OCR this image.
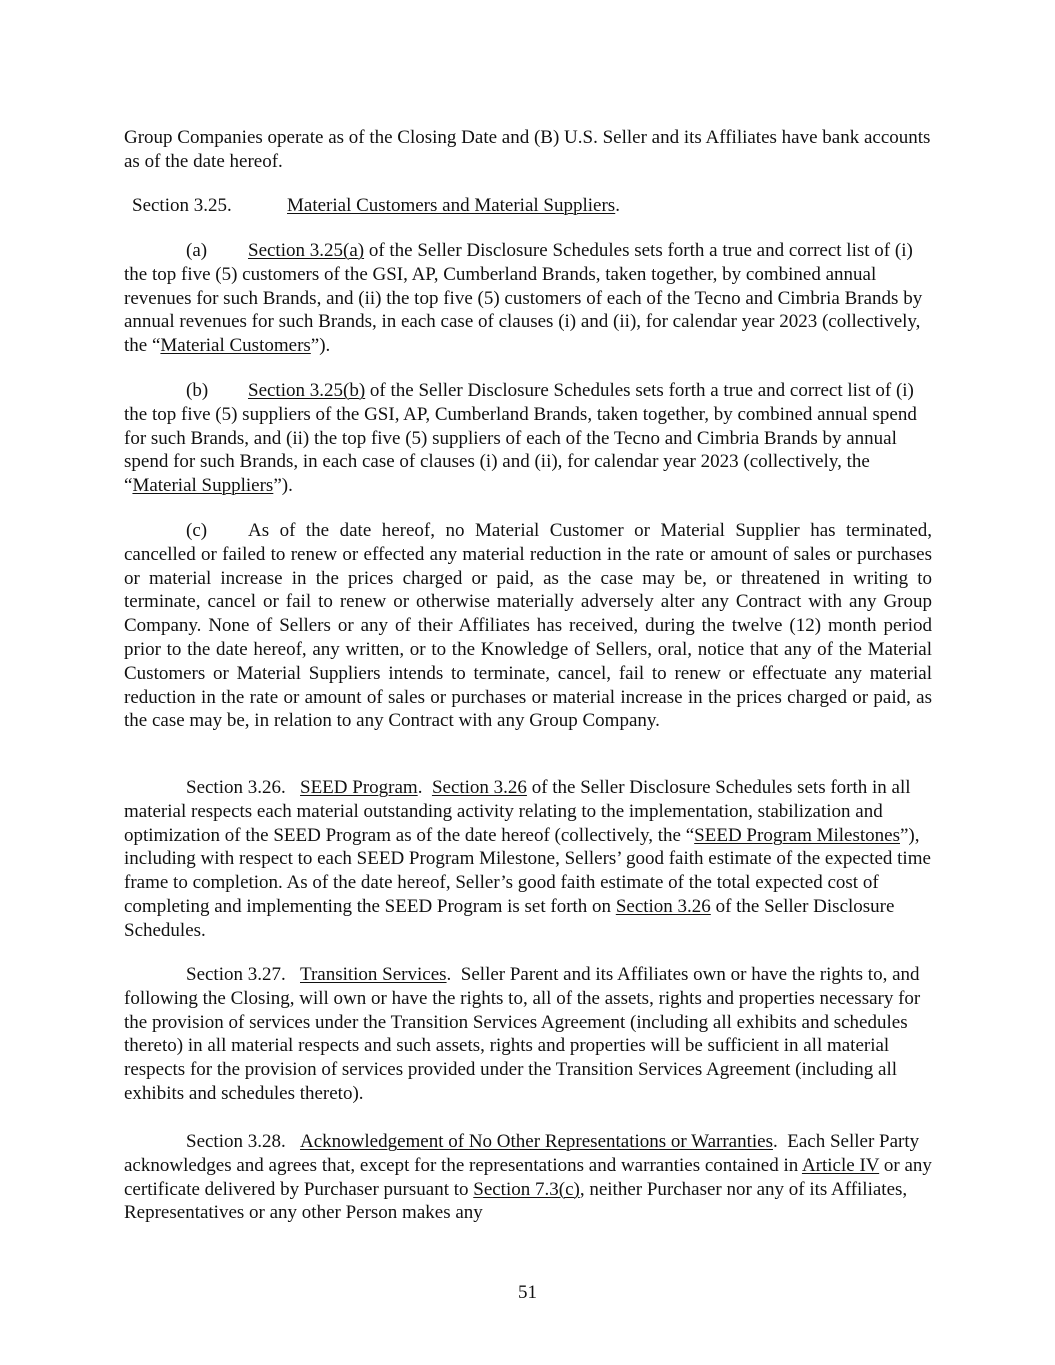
Group Companies operate as of the Closing Date and (B) U.S. Seller and its Affiliates have bank accounts as of the date hereof.

Section 3.25.	Material Customers and Material Suppliers.

(a) Section 3.25(a) of the Seller Disclosure Schedules sets forth a true and correct list of (i) the top five (5) customers of the GSI, AP, Cumberland Brands, taken together, by combined annual revenues for such Brands, and (ii) the top five (5) customers of each of the Tecno and Cimbria Brands by annual revenues for such Brands, in each case of clauses (i) and (ii), for calendar year 2023 (collectively, the “Material Customers”).

(b) Section 3.25(b) of the Seller Disclosure Schedules sets forth a true and correct list of (i) the top five (5) suppliers of the GSI, AP, Cumberland Brands, taken together, by combined annual spend for such Brands, and (ii) the top five (5) suppliers of each of the Tecno and Cimbria Brands by annual spend for such Brands, in each case of clauses (i) and (ii), for calendar year 2023 (collectively, the “Material Suppliers”).

(c) As of the date hereof, no Material Customer or Material Supplier has terminated, cancelled or failed to renew or effected any material reduction in the rate or amount of sales or purchases or material increase in the prices charged or paid, as the case may be, or threatened in writing to terminate, cancel or fail to renew or otherwise materially adversely alter any Contract with any Group Company. None of Sellers or any of their Affiliates has received, during the twelve (12) month period prior to the date hereof, any written, or to the Knowledge of Sellers, oral, notice that any of the Material Customers or Material Suppliers intends to terminate, cancel, fail to renew or effectuate any material reduction in the rate or amount of sales or purchases or material increase in the prices charged or paid, as the case may be, in relation to any Contract with any Group Company.

Section 3.26. SEED Program.  Section 3.26 of the Seller Disclosure Schedules sets forth in all material respects each material outstanding activity relating to the implementation, stabilization and optimization of the SEED Program as of the date hereof (collectively, the “SEED Program Milestones”), including with respect to each SEED Program Milestone, Sellers’ good faith estimate of the expected time frame to completion. As of the date hereof, Seller’s good faith estimate of the total expected cost of completing and implementing the SEED Program is set forth on Section 3.26 of the Seller Disclosure Schedules.

Section 3.27. Transition Services.  Seller Parent and its Affiliates own or have the rights to, and following the Closing, will own or have the rights to, all of the assets, rights and properties necessary for the provision of services under the Transition Services Agreement (including all exhibits and schedules thereto) in all material respects and such assets, rights and properties will be sufficient in all material respects for the provision of services provided under the Transition Services Agreement (including all exhibits and schedules thereto).

Section 3.28. Acknowledgement of No Other Representations or Warranties.  Each Seller Party acknowledges and agrees that, except for the representations and warranties contained in Article IV or any certificate delivered by Purchaser pursuant to Section 7.3(c), neither Purchaser nor any of its Affiliates, Representatives or any other Person makes any

51
